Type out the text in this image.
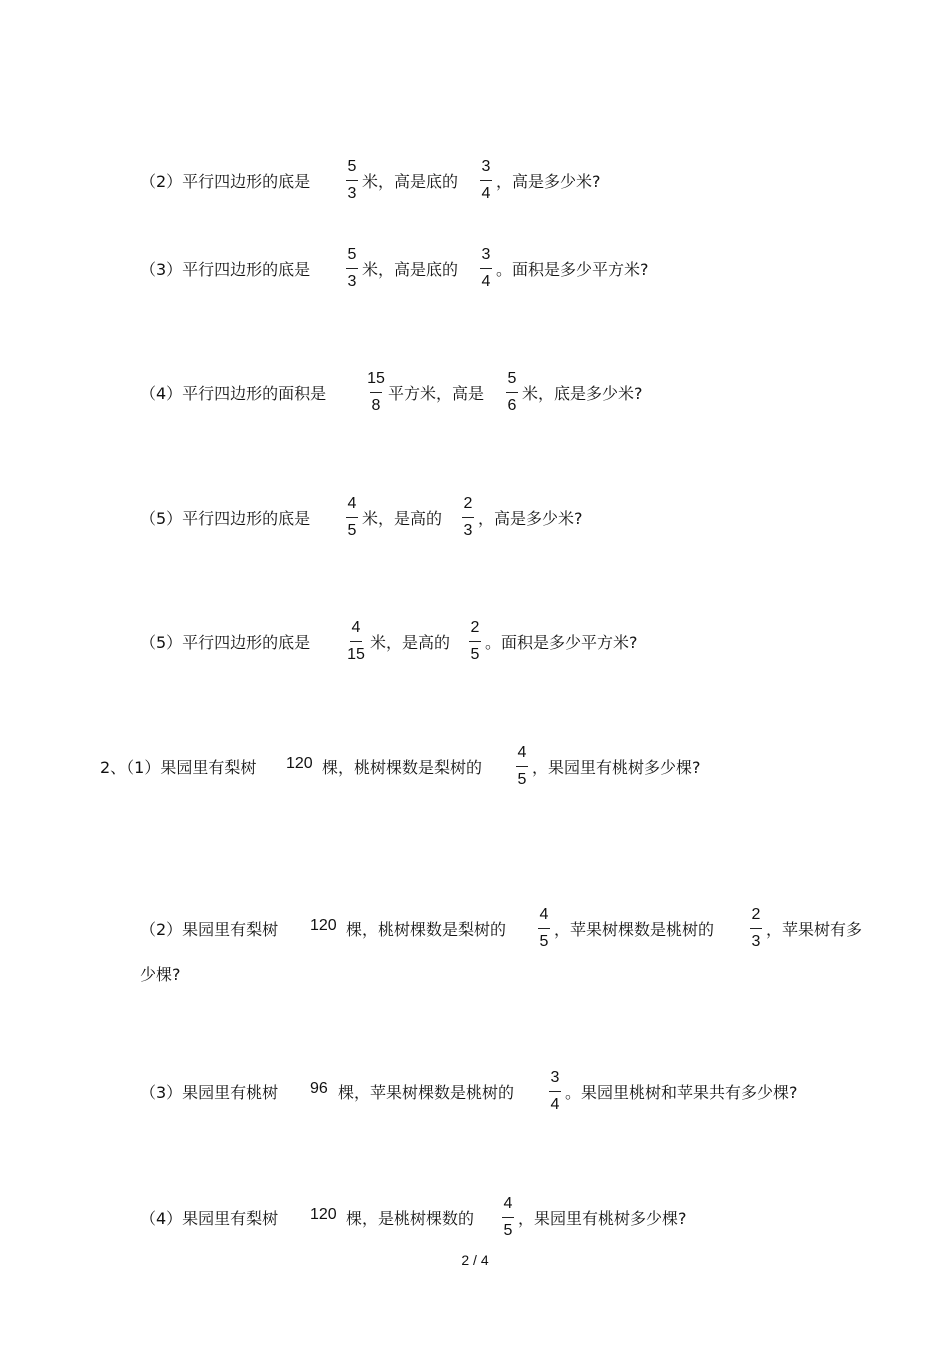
（2）平行四边形的底是
5
3
米，高是底的
3
4
，高是多少米?
（3）平行四边形的底是
5
3
米，高是底的
3
4
。面积是多少平方米?
（4）平行四边形的面积是
15
8
平方米，高是
5
6
米，底是多少米?
（5）平行四边形的底是
4
5
米，是高的
2
3
，高是多少米?
（5）平行四边形的底是
4
15
米，是高的
2
5
。面积是多少平方米?
2、（1）果园里有梨树 120 棵，桃树棵数是梨树的
4
5
，果园里有桃树多少棵?
（2）果园里有梨树 120 棵，桃树棵数是梨树的
4
5
，苹果树棵数是桃树的
2
3
，苹果树有多
少棵?
（3）果园里有桃树 96 棵，苹果树棵数是桃树的
3
4
。果园里桃树和苹果共有多少棵?
（4）果园里有梨树 120 棵，是桃树棵数的
4
5
，果园里有桃树多少棵?
2 / 4
